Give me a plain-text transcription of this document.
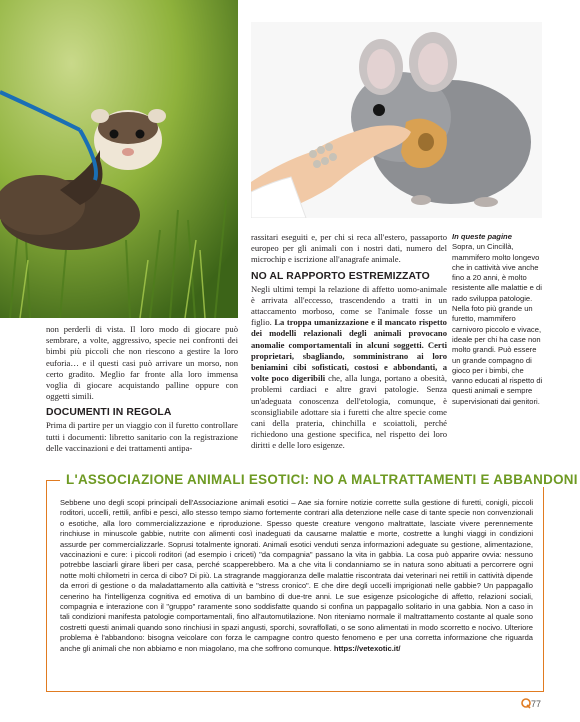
non perderli di vista. Il loro modo di giocare può sembrare, a volte, aggressivo, specie nei confronti dei bimbi più piccoli che non riescono a gestire la loro euforia… e il questi casi può arrivare un morso, non certo gradito. Meglio far fronte alla loro immensa voglia di giocare acquistando palline oppure con oggetti simili.

DOCUMENTI IN REGOLA

Prima di partire per un viaggio con il furetto controllare tutti i documenti: libretto sanitario con la registrazione delle vaccinazioni e dei trattamenti antipa-

rassitari eseguiti e, per chi si reca all'estero, passaporto europeo per gli animali con i nostri dati, numero del microchip e iscrizione all'anagrafe animale.

NO AL RAPPORTO ESTREMIZZATO

Negli ultimi tempi la relazione di affetto uomo-animale è arrivata all'eccesso, trascendendo a tratti in un attaccamento morboso, come se l'animale fosse un figlio. La troppa umanizzazione e il mancato rispetto dei modelli relazionali degli animali provocano anomalie comportamentali in alcuni soggetti. Certi proprietari, sbagliando, somministrano ai loro beniamini cibi sofisticati, costosi e abbondanti, a volte poco digeribili che, alla lunga, portano a obesità, problemi cardiaci e altre gravi patologie. Senza un'adeguata conoscenza dell'etologia, comunque, è sconsigliabile adottare sia i furetti che altre specie come cani della prateria, chinchilla e scoiattoli, perché richiedono una gestione specifica, nel rispetto dei loro diritti e delle loro esigenze.

In queste pagine
Sopra, un Cincillà, mammifero molto longevo che in cattività vive anche fino a 20 anni, è molto resistente alle malattie e di rado sviluppa patologie. Nella foto più grande un furetto, mammifero carnivoro piccolo e vivace, ideale per chi ha case non molto grandi. Può essere un grande compagno di gioco per i bimbi, che vanno educati al rispetto di questi animali e sempre supervisionati dai genitori.
L'ASSOCIAZIONE ANIMALI ESOTICI: NO A MALTRATTAMENTI E ABBANDONI
Sebbene uno degli scopi principali dell'Associazione animali esotici – Aae sia fornire notizie corrette sulla gestione di furetti, conigli, piccoli roditori, uccelli, rettili, anfibi e pesci, allo stesso tempo siamo fortemente contrari alla detenzione nelle case di tante specie non convenzionali o esotiche, alla loro commercializzazione e riproduzione. Spesso queste creature vengono maltrattate, lasciate vivere perennemente rinchiuse in minuscole gabbie, nutrite con alimenti così inadeguati da causarne malattie e morte, costrette a lunghi viaggi in condizioni assurde per commercializzarle. Soprusi totalmente ignorati. Animali esotici venduti senza informazioni adeguate su gestione, alimentazione, vaccinazioni e cure: i piccoli roditori (ad esempio i criceti) "da compagnia" passano la vita in gabbia. La cosa può apparire ovvia: nessuno potrebbe lasciarli girare liberi per casa, perché scapperebbero. Ma a che vita li condanniamo se in natura sono abituati a percorrere ogni notte molti chilometri in cerca di cibo? Di più. La stragrande maggioranza delle malattie riscontrata dai veterinari nei rettili in cattività dipende da errori di gestione o da maladattamento alla cattività e "stress cronico". E che dire degli uccelli imprigionati nelle gabbie? Un pappagallo cenerino ha l'intelligenza cognitiva ed emotiva di un bambino di due-tre anni. Le sue esigenze psicologiche di affetto, relazioni sociali, compagnia e interazione con il "gruppo" raramente sono soddisfatte quando si confina un pappagallo solitario in una gabbia. Non a caso in tali condizioni manifesta patologie comportamentali, fino all'automutilazione. Non riteniamo normale il maltrattamento costante al quale sono costretti questi animali quando sono rinchiusi in spazi angusti, sporchi, sovraffollati, o se sono alimentati in modo scorretto e nocivo. Ulteriore problema è l'abbandono: bisogna veicolare con forza le campagne contro questo fenomeno e per una corretta informazione che riguarda anche gli animali che non abbiamo e non miagolano, ma che soffrono comunque. https://vetexotic.it/
77
